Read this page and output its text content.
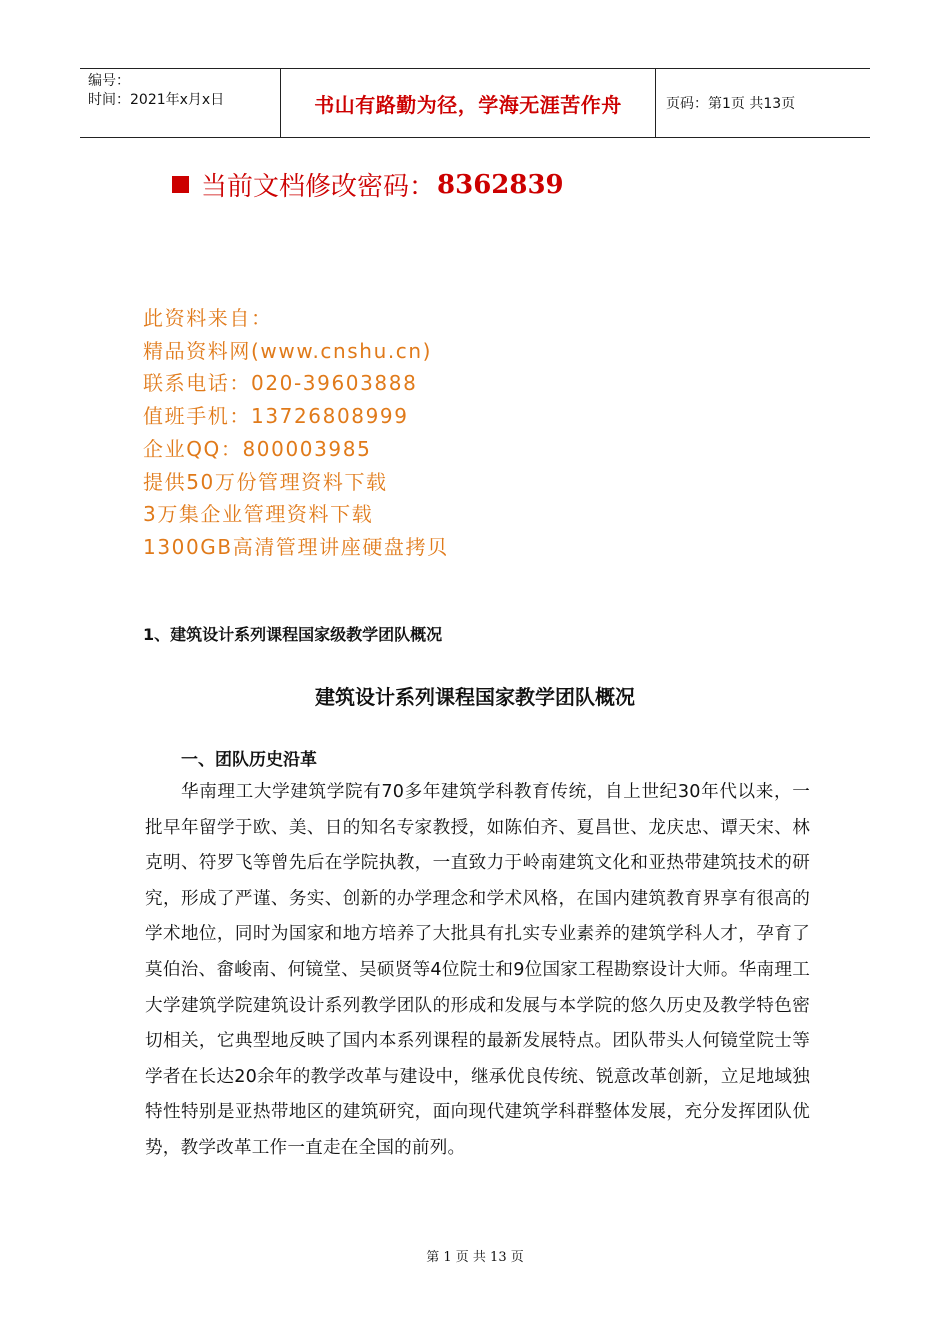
编号：
时间：2021年x月x日	书山有路勤为径，学海无涯苦作舟	页码：第1页 共13页
当前文档修改密码： 8362839
此资料来自：
精品资料网(www.cnshu.cn)
联系电话：020-39603888
值班手机：13726808999
企业QQ：800003985
提供50万份管理资料下载
3万集企业管理资料下载
1300GB高清管理讲座硬盘拷贝
1、建筑设计系列课程国家级教学团队概况
建筑设计系列课程国家教学团队概况
一、团队历史沿革
华南理工大学建筑学院有70多年建筑学科教育传统，自上世纪30年代以来，一批早年留学于欧、美、日的知名专家教授，如陈伯齐、夏昌世、龙庆忠、谭天宋、林克明、符罗飞等曾先后在学院执教，一直致力于岭南建筑文化和亚热带建筑技术的研究，形成了严谨、务实、创新的办学理念和学术风格，在国内建筑教育界享有很高的学术地位，同时为国家和地方培养了大批具有扎实专业素养的建筑学科人才，孕育了莫伯治、畲峻南、何镜堂、吴硕贤等4位院士和9位国家工程勘察设计大师。华南理工大学建筑学院建筑设计系列教学团队的形成和发展与本学院的悠久历史及教学特色密切相关，它典型地反映了国内本系列课程的最新发展特点。团队带头人何镜堂院士等学者在长达20余年的教学改革与建设中，继承优良传统、锐意改革创新，立足地域独特性特别是亚热带地区的建筑研究，面向现代建筑学科群整体发展，充分发挥团队优势，教学改革工作一直走在全国的前列。
第 1 页 共 13 页
